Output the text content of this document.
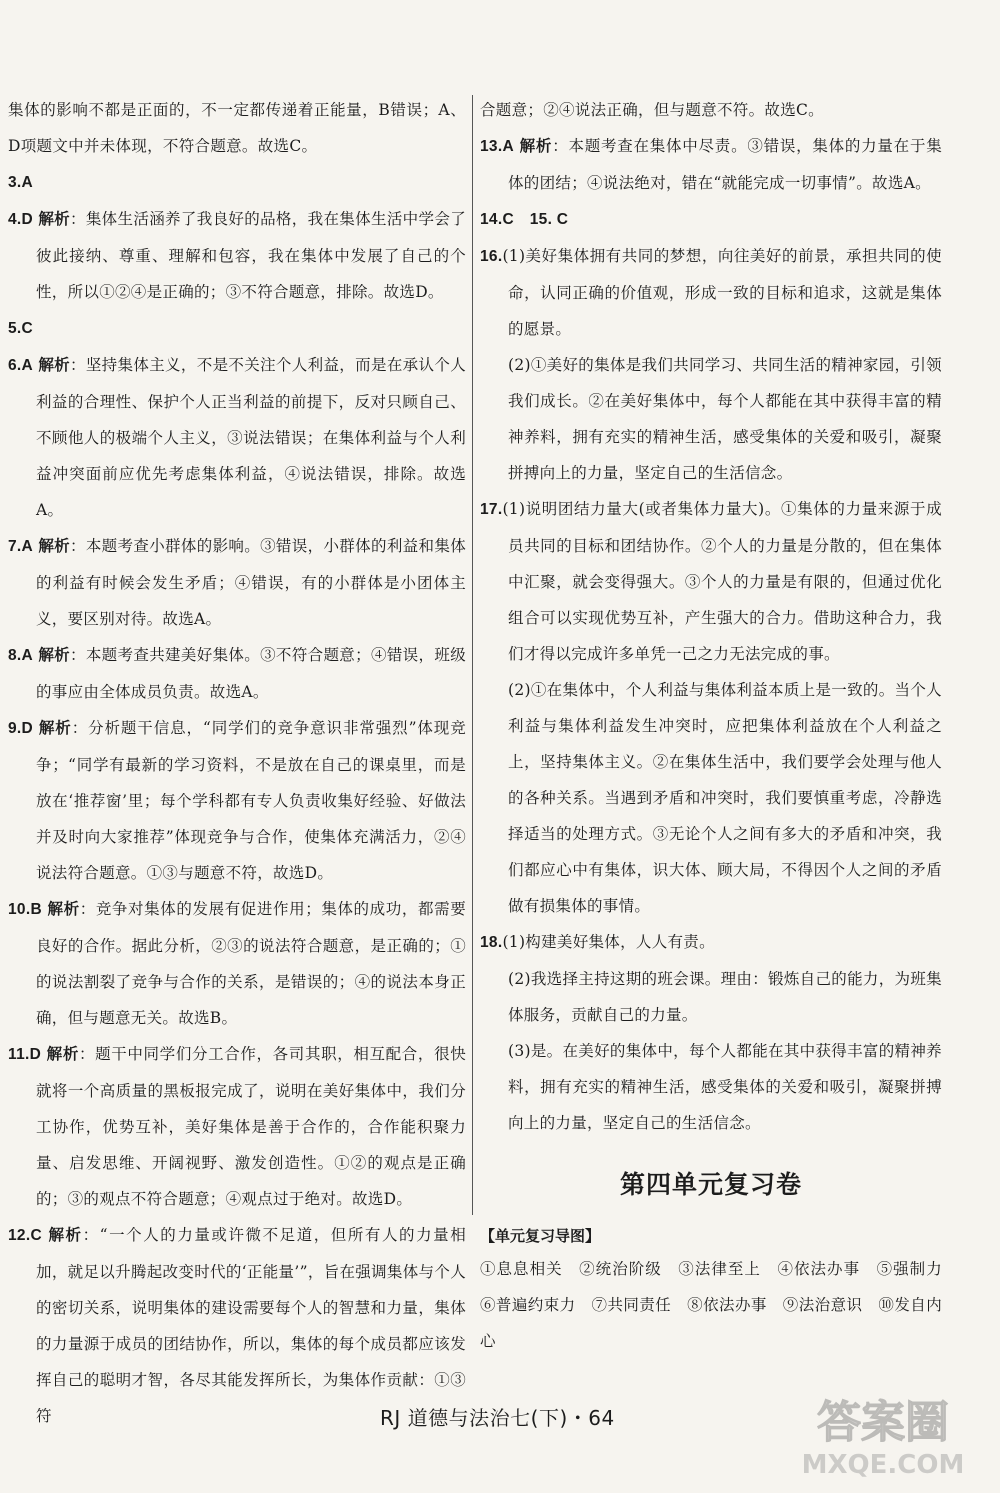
集体的影响不都是正面的，不一定都传递着正能量，B错误；A、D项题文中并未体现，不符合题意。故选C。

3.A

4.D 解析：集体生活涵养了我良好的品格，我在集体生活中学会了彼此接纳、尊重、理解和包容，我在集体中发展了自己的个性，所以①②④是正确的；③不符合题意，排除。故选D。

5.C

6.A 解析：坚持集体主义，不是不关注个人利益，而是在承认个人利益的合理性、保护个人正当利益的前提下，反对只顾自己、不顾他人的极端个人主义，③说法错误；在集体利益与个人利益冲突面前应优先考虑集体利益，④说法错误，排除。故选A。

7.A 解析：本题考查小群体的影响。③错误，小群体的利益和集体的利益有时候会发生矛盾；④错误，有的小群体是小团体主义，要区别对待。故选A。

8.A 解析：本题考查共建美好集体。③不符合题意；④错误，班级的事应由全体成员负责。故选A。

9.D 解析：分析题干信息，“同学们的竞争意识非常强烈”体现竞争；“同学有最新的学习资料，不是放在自己的课桌里，而是放在‘推荐窗’里；每个学科都有专人负责收集好经验、好做法并及时向大家推荐”体现竞争与合作，使集体充满活力，②④说法符合题意。①③与题意不符，故选D。

10.B 解析：竞争对集体的发展有促进作用；集体的成功，都需要良好的合作。据此分析，②③的说法符合题意，是正确的；①的说法割裂了竞争与合作的关系，是错误的；④的说法本身正确，但与题意无关。故选B。

11.D 解析：题干中同学们分工合作，各司其职，相互配合，很快就将一个高质量的黑板报完成了，说明在美好集体中，我们分工协作，优势互补，美好集体是善于合作的，合作能积聚力量、启发思维、开阔视野、激发创造性。①②的观点是正确的；③的观点不符合题意；④观点过于绝对。故选D。

12.C 解析：“一个人的力量或许微不足道，但所有人的力量相加，就足以升腾起改变时代的‘正能量’”，旨在强调集体与个人的密切关系，说明集体的建设需要每个人的智慧和力量，集体的力量源于成员的团结协作，所以，集体的每个成员都应该发挥自己的聪明才智，各尽其能发挥所长，为集体作贡献：①③符

合题意；②④说法正确，但与题意不符。故选C。

13.A 解析：本题考查在集体中尽责。③错误，集体的力量在于集体的团结；④说法绝对，错在“就能完成一切事情”。故选A。

14.C　15. C

16.(1)美好集体拥有共同的梦想，向往美好的前景，承担共同的使命，认同正确的价值观，形成一致的目标和追求，这就是集体的愿景。

(2)①美好的集体是我们共同学习、共同生活的精神家园，引领我们成长。②在美好集体中，每个人都能在其中获得丰富的精神养料，拥有充实的精神生活，感受集体的关爱和吸引，凝聚拼搏向上的力量，坚定自己的生活信念。

17.(1)说明团结力量大(或者集体力量大)。①集体的力量来源于成员共同的目标和团结协作。②个人的力量是分散的，但在集体中汇聚，就会变得强大。③个人的力量是有限的，但通过优化组合可以实现优势互补，产生强大的合力。借助这种合力，我们才得以完成许多单凭一己之力无法完成的事。

(2)①在集体中，个人利益与集体利益本质上是一致的。当个人利益与集体利益发生冲突时，应把集体利益放在个人利益之上，坚持集体主义。②在集体生活中，我们要学会处理与他人的各种关系。当遇到矛盾和冲突时，我们要慎重考虑，冷静选择适当的处理方式。③无论个人之间有多大的矛盾和冲突，我们都应心中有集体，识大体、顾大局，不得因个人之间的矛盾做有损集体的事情。

18.(1)构建美好集体，人人有责。

(2)我选择主持这期的班会课。理由：锻炼自己的能力，为班集体服务，贡献自己的力量。

(3)是。在美好的集体中，每个人都能在其中获得丰富的精神养料，拥有充实的精神生活，感受集体的关爱和吸引，凝聚拼搏向上的力量，坚定自己的生活信念。

第四单元复习卷

【单元复习导图】

①息息相关　②统治阶级　③法律至上　④依法办事　⑤强制力　⑥普遍约束力　⑦共同责任　⑧依法办事　⑨法治意识　⑩发自内心

RJ 道德与法治七(下)・64	答案圈
MXQE.COM
